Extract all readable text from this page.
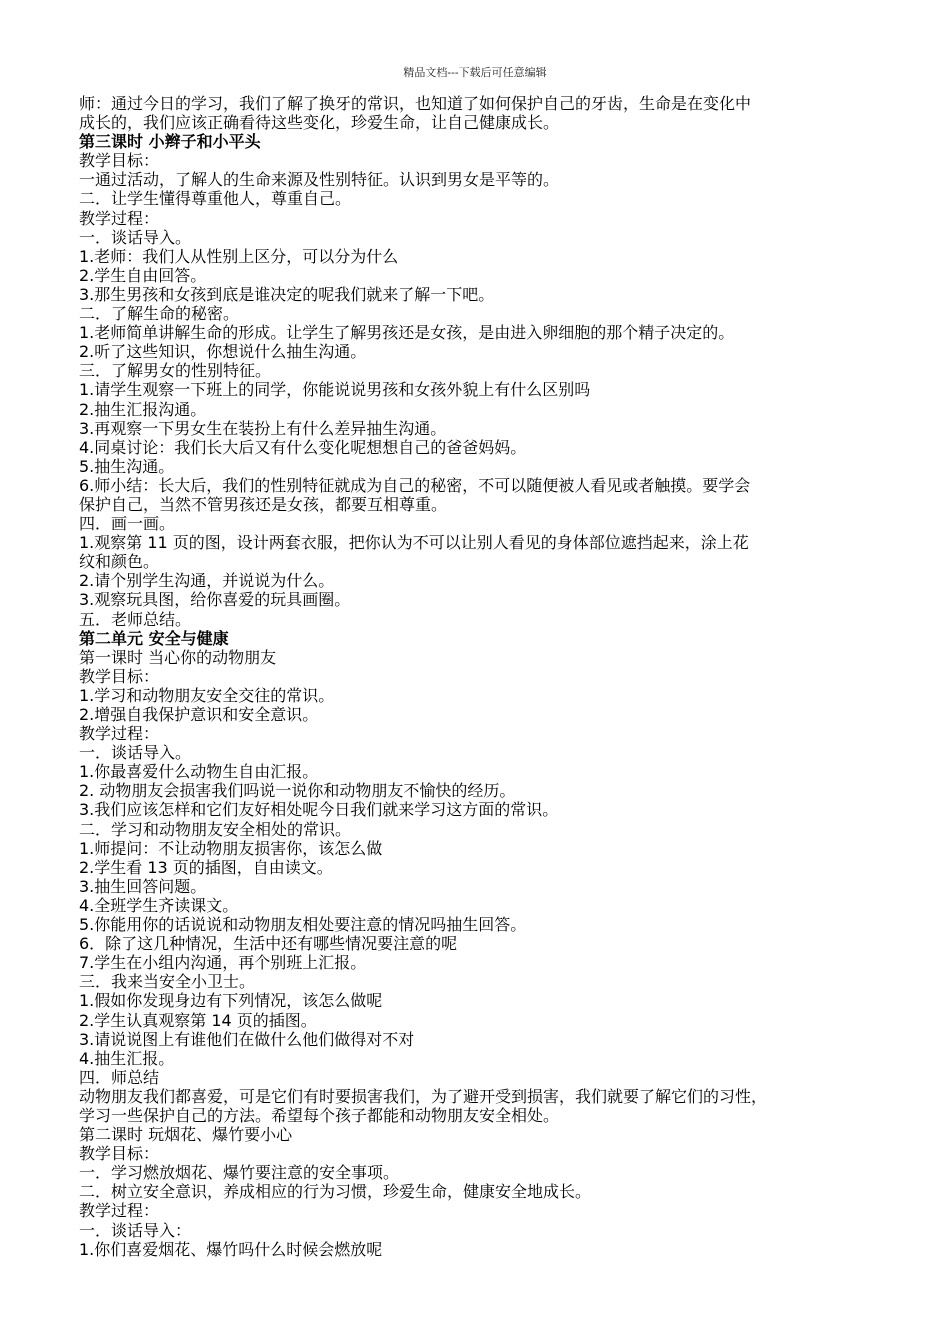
精品文档---下载后可任意编辑
师：通过今日的学习，我们了解了换牙的常识，也知道了如何保护自己的牙齿，生命是在变化中
成长的，我们应该正确看待这些变化，珍爱生命，让自己健康成长。
第三课时 小辫子和小平头
教学目标：
一通过活动，了解人的生命来源及性别特征。认识到男女是平等的。
二．让学生懂得尊重他人，尊重自己。
教学过程：
一．谈话导入。
1.老师：我们人从性别上区分，可以分为什么
2.学生自由回答。
3.那生男孩和女孩到底是谁决定的呢我们就来了解一下吧。
二．了解生命的秘密。
1.老师简单讲解生命的形成。让学生了解男孩还是女孩，是由进入卵细胞的那个精子决定的。
2.听了这些知识，你想说什么抽生沟通。
三．了解男女的性别特征。
1.请学生观察一下班上的同学，你能说说男孩和女孩外貌上有什么区别吗
2.抽生汇报沟通。
3.再观察一下男女生在装扮上有什么差异抽生沟通。
4.同桌讨论：我们长大后又有什么变化呢想想自己的爸爸妈妈。
5.抽生沟通。
6.师小结：长大后，我们的性别特征就成为自己的秘密，不可以随便被人看见或者触摸。要学会
保护自己，当然不管男孩还是女孩，都要互相尊重。
四．画一画。
1.观察第 11 页的图，设计两套衣服，把你认为不可以让别人看见的身体部位遮挡起来，涂上花
纹和颜色。
2.请个别学生沟通，并说说为什么。
3.观察玩具图，给你喜爱的玩具画圈。
五．老师总结。
第二单元 安全与健康
第一课时 当心你的动物朋友
教学目标：
1.学习和动物朋友安全交往的常识。
2.增强自我保护意识和安全意识。
教学过程：
一．谈话导入。
1.你最喜爱什么动物生自由汇报。
2. 动物朋友会损害我们吗说一说你和动物朋友不愉快的经历。
3.我们应该怎样和它们友好相处呢今日我们就来学习这方面的常识。
二．学习和动物朋友安全相处的常识。
1.师提问：不让动物朋友损害你，该怎么做
2.学生看 13 页的插图，自由读文。
3.抽生回答问题。
4.全班学生齐读课文。
5.你能用你的话说说和动物朋友相处要注意的情况吗抽生回答。
6．除了这几种情况，生活中还有哪些情况要注意的呢
7.学生在小组内沟通，再个别班上汇报。
三．我来当安全小卫士。
1.假如你发现身边有下列情况，该怎么做呢
2.学生认真观察第 14 页的插图。
3.请说说图上有谁他们在做什么他们做得对不对
4.抽生汇报。
四．师总结
动物朋友我们都喜爱，可是它们有时要损害我们，为了避开受到损害，我们就要了解它们的习性，
学习一些保护自己的方法。希望每个孩子都能和动物朋友安全相处。
第二课时 玩烟花、爆竹要小心
教学目标：
一．学习燃放烟花、爆竹要注意的安全事项。
二．树立安全意识，养成相应的行为习惯，珍爱生命，健康安全地成长。
教学过程：
一．谈话导入：
1.你们喜爱烟花、爆竹吗什么时候会燃放呢
